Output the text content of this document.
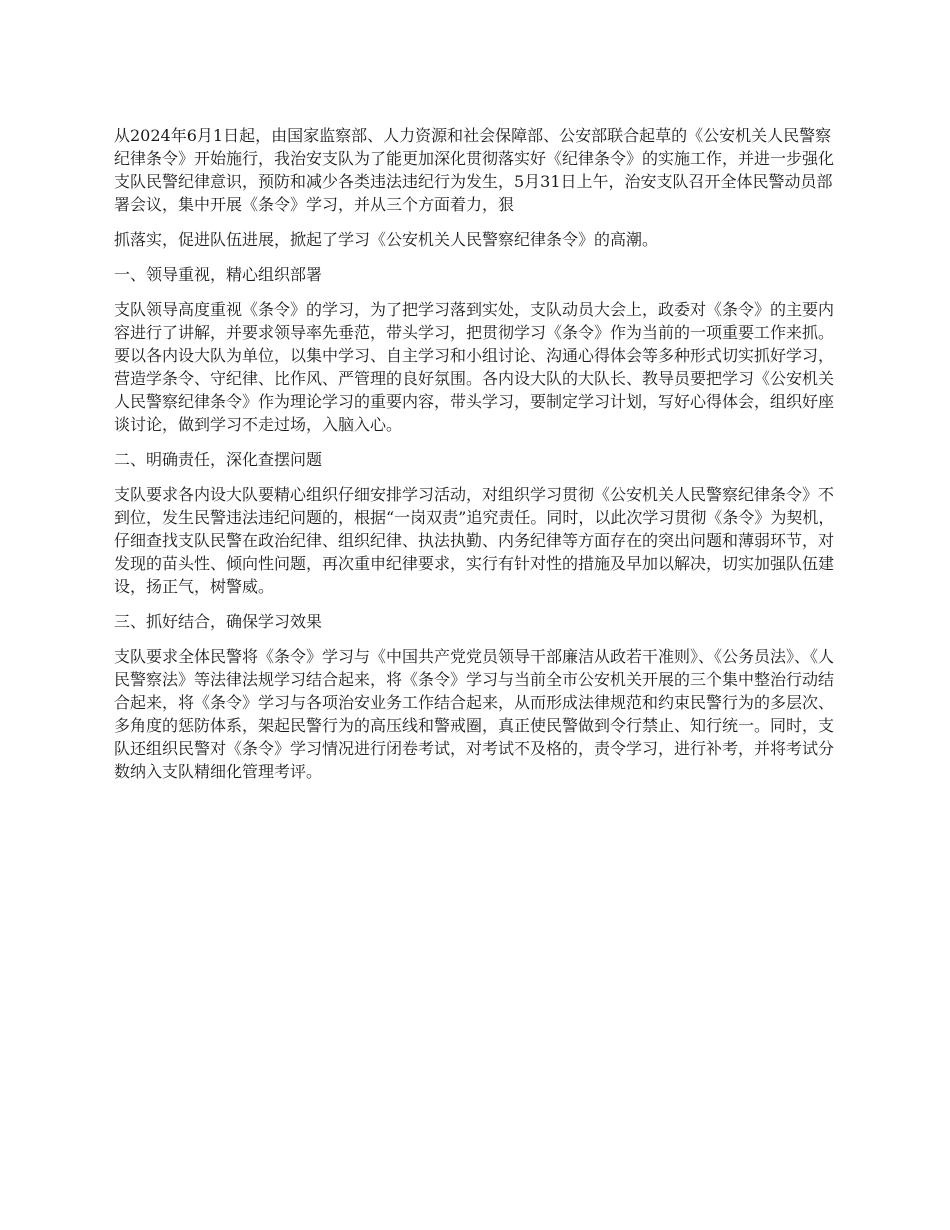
从2024年6月1日起，由国家监察部、人力资源和社会保障部、公安部联合起草的《公安机关人民警察纪律条令》开始施行，我治安支队为了能更加深化贯彻落实好《纪律条令》的实施工作，并进一步强化支队民警纪律意识，预防和减少各类违法违纪行为发生，5月31日上午，治安支队召开全体民警动员部署会议，集中开展《条令》学习，并从三个方面着力，狠

抓落实，促进队伍进展，掀起了学习《公安机关人民警察纪律条令》的高潮。

一、领导重视，精心组织部署

支队领导高度重视《条令》的学习，为了把学习落到实处，支队动员大会上，政委对《条令》的主要内容进行了讲解，并要求领导率先垂范，带头学习，把贯彻学习《条令》作为当前的一项重要工作来抓。要以各内设大队为单位，以集中学习、自主学习和小组讨论、沟通心得体会等多种形式切实抓好学习，营造学条令、守纪律、比作风、严管理的良好氛围。各内设大队的大队长、教导员要把学习《公安机关人民警察纪律条令》作为理论学习的重要内容，带头学习，要制定学习计划，写好心得体会，组织好座谈讨论，做到学习不走过场，入脑入心。

二、明确责任，深化查摆问题

支队要求各内设大队要精心组织仔细安排学习活动，对组织学习贯彻《公安机关人民警察纪律条令》不到位，发生民警违法违纪问题的，根据“一岗双责”追究责任。同时，以此次学习贯彻《条令》为契机，仔细查找支队民警在政治纪律、组织纪律、执法执勤、内务纪律等方面存在的突出问题和薄弱环节，对发现的苗头性、倾向性问题，再次重申纪律要求，实行有针对性的措施及早加以解决，切实加强队伍建设，扬正气，树警威。

三、抓好结合，确保学习效果

支队要求全体民警将《条令》学习与《中国共产党党员领导干部廉洁从政若干准则》、《公务员法》、《人民警察法》等法律法规学习结合起来，将《条令》学习与当前全市公安机关开展的三个集中整治行动结合起来，将《条令》学习与各项治安业务工作结合起来，从而形成法律规范和约束民警行为的多层次、多角度的惩防体系，架起民警行为的高压线和警戒圈，真正使民警做到令行禁止、知行统一。同时，支队还组织民警对《条令》学习情况进行闭卷考试，对考试不及格的，责令学习，进行补考，并将考试分数纳入支队精细化管理考评。
